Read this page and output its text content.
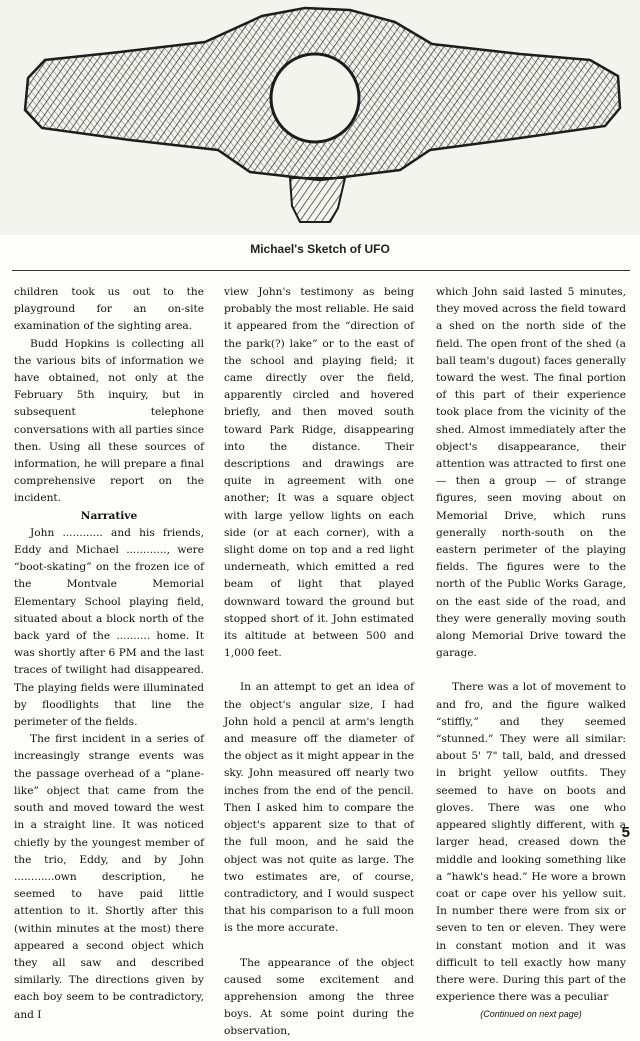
Michael's Sketch of UFO

children took us out to the playground for an on-site examination of the sighting area.

Budd Hopkins is collecting all the various bits of information we have obtained, not only at the February 5th inquiry, but in subsequent telephone conversations with all parties since then. Using all these sources of information, he will prepare a final comprehensive report on the incident.

Narrative

John ............ and his friends, Eddy and Michael ............, were “boot-skating” on the frozen ice of the Montvale Memorial Elementary School playing field, situated about a block north of the back yard of the .......... home. It was shortly after 6 PM and the last traces of twilight had disappeared. The playing fields were illuminated by floodlights that line the perimeter of the fields.

The first incident in a series of increasingly strange events was the passage overhead of a “plane-like” object that came from the south and moved toward the west in a straight line. It was noticed chiefly by the youngest member of the trio, Eddy, and by John ............own description, he seemed to have paid little attention to it. Shortly after this (within minutes at the most) there appeared a second object which they all saw and described similarly. The directions given by each boy seem to be contradictory, and I

view John's testimony as being probably the most reliable. He said it appeared from the “direction of the park(?) lake” or to the east of the school and playing field; it came directly over the field, apparently circled and hovered briefly, and then moved south toward Park Ridge, disappearing into the distance. Their descriptions and drawings are quite in agreement with one another; It was a square object with large yellow lights on each side (or at each corner), with a slight dome on top and a red light underneath, which emitted a red beam of light that played downward toward the ground but stopped short of it. John estimated its altitude at between 500 and 1,000 feet.

In an attempt to get an idea of the object's angular size, I had John hold a pencil at arm's length and measure off the diameter of the object as it might appear in the sky. John measured off nearly two inches from the end of the pencil. Then I asked him to compare the object's apparent size to that of the full moon, and he said the object was not quite as large. The two estimates are, of course, contradictory, and I would suspect that his comparison to a full moon is the more accurate.

The appearance of the object caused some excitement and apprehension among the three boys. At some point during the observation,

which John said lasted 5 minutes, they moved across the field toward a shed on the north side of the field. The open front of the shed (a ball team's dugout) faces generally toward the west. The final portion of this part of their experience took place from the vicinity of the shed. Almost immediately after the object's disappearance, their attention was attracted to first one — then a group — of strange figures, seen moving about on Memorial Drive, which runs generally north-south on the eastern perimeter of the playing fields. The figures were to the north of the Public Works Garage, on the east side of the road, and they were generally moving south along Memorial Drive toward the garage.

There was a lot of movement to and fro, and the figure walked “stiffly,” and they seemed “stunned.” They were all similar: about 5' 7" tall, bald, and dressed in bright yellow outfits. They seemed to have on boots and gloves. There was one who appeared slightly different, with a larger head, creased down the middle and looking something like a “hawk's head.” He wore a brown coat or cape over his yellow suit. In number there were from six or seven to ten or eleven. They were in constant motion and it was difficult to tell exactly how many there were. During this part of the experience there was a peculiar

(Continued on next page)

5
